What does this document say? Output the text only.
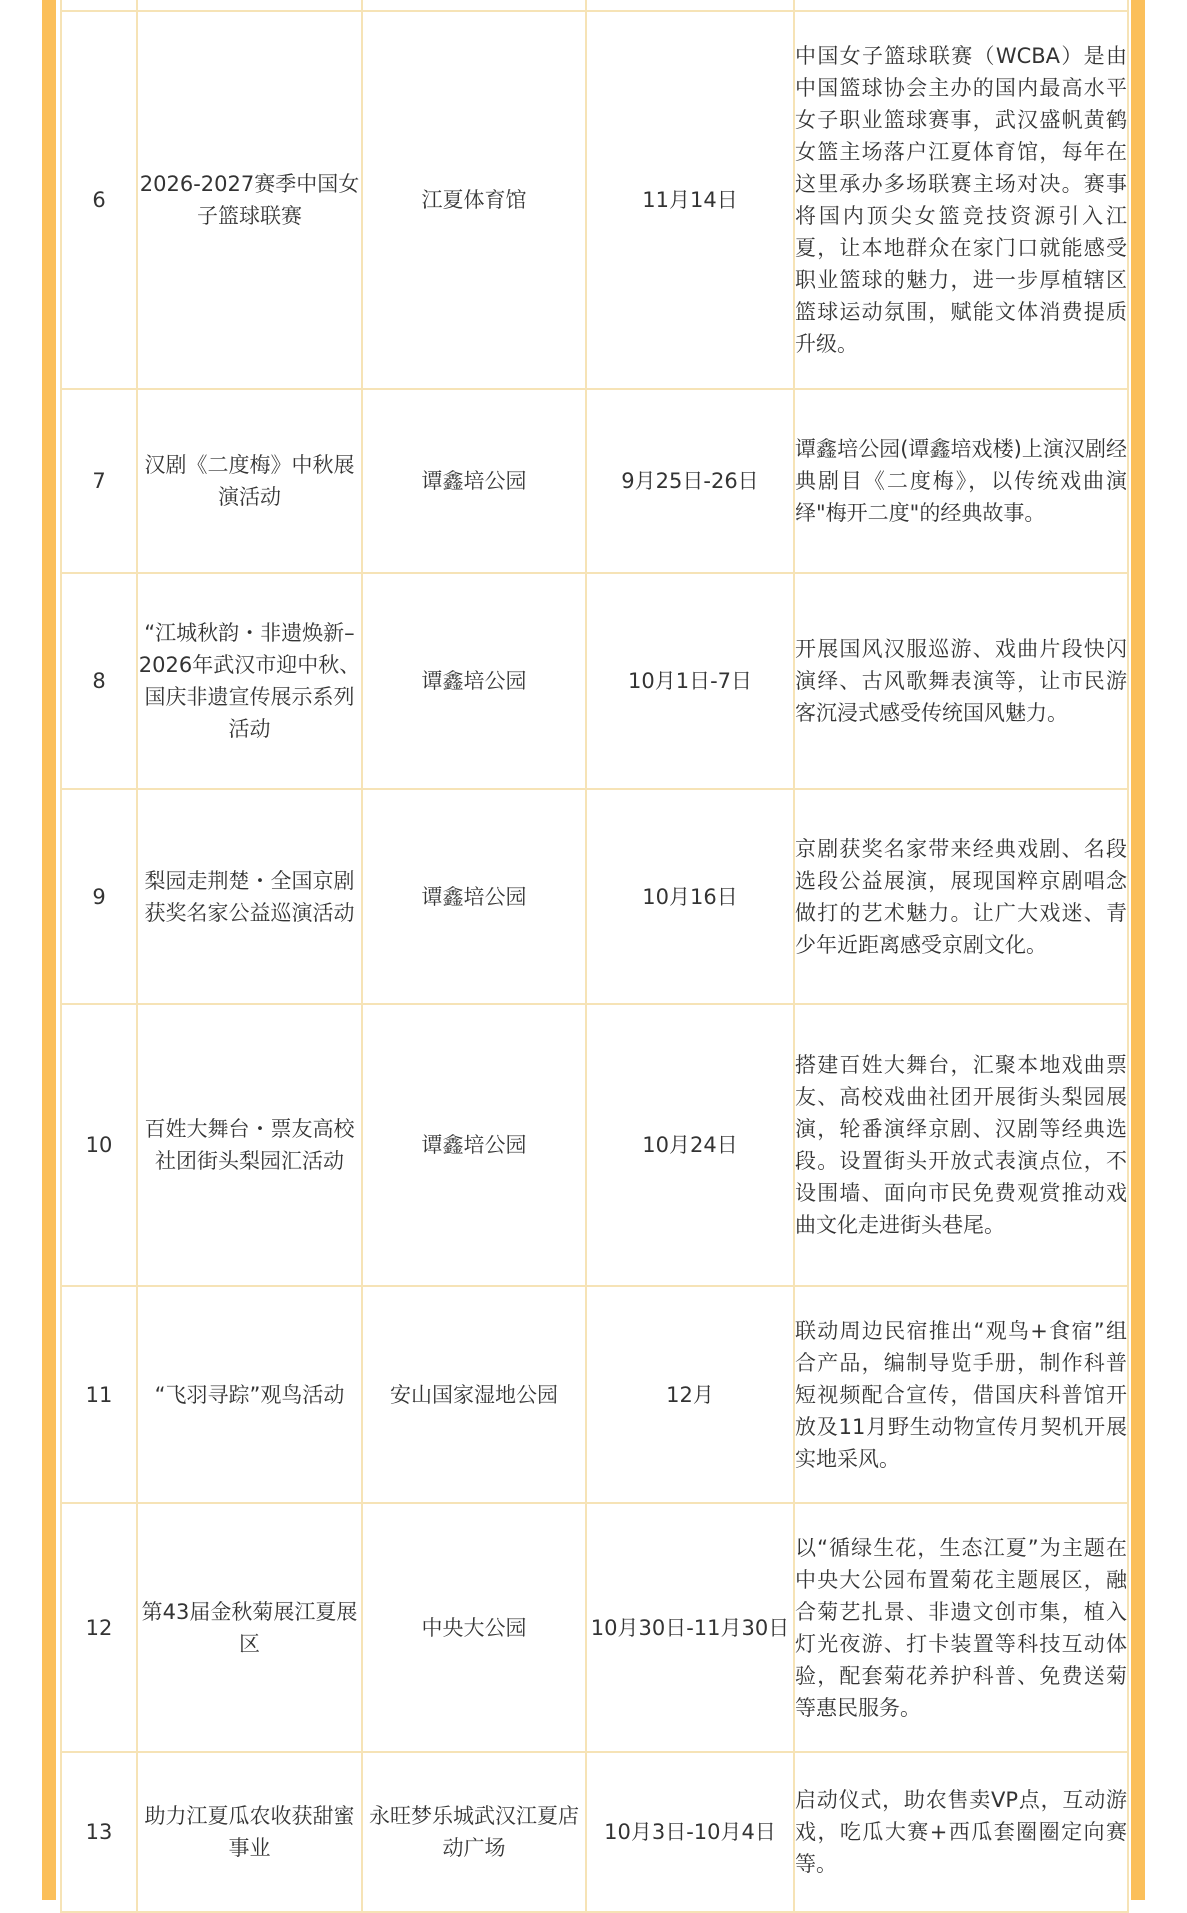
6	2026-2027赛季中国女子篮球联赛	江夏体育馆	11月14日	中国女子篮球联赛（WCBA）是由中国篮球协会主办的国内最高水平女子职业篮球赛事，武汉盛帆黄鹤女篮主场落户江夏体育馆，每年在这里承办多场联赛主场对决。赛事将国内顶尖女篮竞技资源引入江夏，让本地群众在家门口就能感受职业篮球的魅力，进一步厚植辖区篮球运动氛围，赋能文体消费提质升级。
7	汉剧《二度梅》中秋展演活动	谭鑫培公园	9月25日-26日	谭鑫培公园(谭鑫培戏楼)上演汉剧经典剧目《二度梅》，以传统戏曲演绎"梅开二度"的经典故事。
8	“江城秋韵・非遗焕新–2026年武汉市迎中秋、国庆非遗宣传展示系列活动	谭鑫培公园	10月1日-7日	开展国风汉服巡游、戏曲片段快闪演绎、古风歌舞表演等，让市民游客沉浸式感受传统国风魅力。
9	梨园走荆楚・全国京剧获奖名家公益巡演活动	谭鑫培公园	10月16日	京剧获奖名家带来经典戏剧、名段选段公益展演，展现国粹京剧唱念做打的艺术魅力。让广大戏迷、青少年近距离感受京剧文化。
10	百姓大舞台・票友高校社团街头梨园汇活动	谭鑫培公园	10月24日	搭建百姓大舞台，汇聚本地戏曲票友、高校戏曲社团开展街头梨园展演，轮番演绎京剧、汉剧等经典选段。设置街头开放式表演点位，不设围墙、面向市民免费观赏推动戏曲文化走进街头巷尾。
11	“飞羽寻踪”观鸟活动	安山国家湿地公园	12月	联动周边民宿推出“观鸟+食宿”组合产品，编制导览手册，制作科普短视频配合宣传，借国庆科普馆开放及11月野生动物宣传月契机开展实地采风。
12	第43届金秋菊展江夏展区	中央大公园	10月30日-11月30日	以“循绿生花，生态江夏”为主题在中央大公园布置菊花主题展区，融合菊艺扎景、非遗文创市集，植入灯光夜游、打卡装置等科技互动体验，配套菊花养护科普、免费送菊等惠民服务。
13	助力江夏瓜农收获甜蜜事业	永旺梦乐城武汉江夏店动广场	10月3日-10月4日	启动仪式，助农售卖VP点，互动游戏，吃瓜大赛+西瓜套圈圈定向赛等。
